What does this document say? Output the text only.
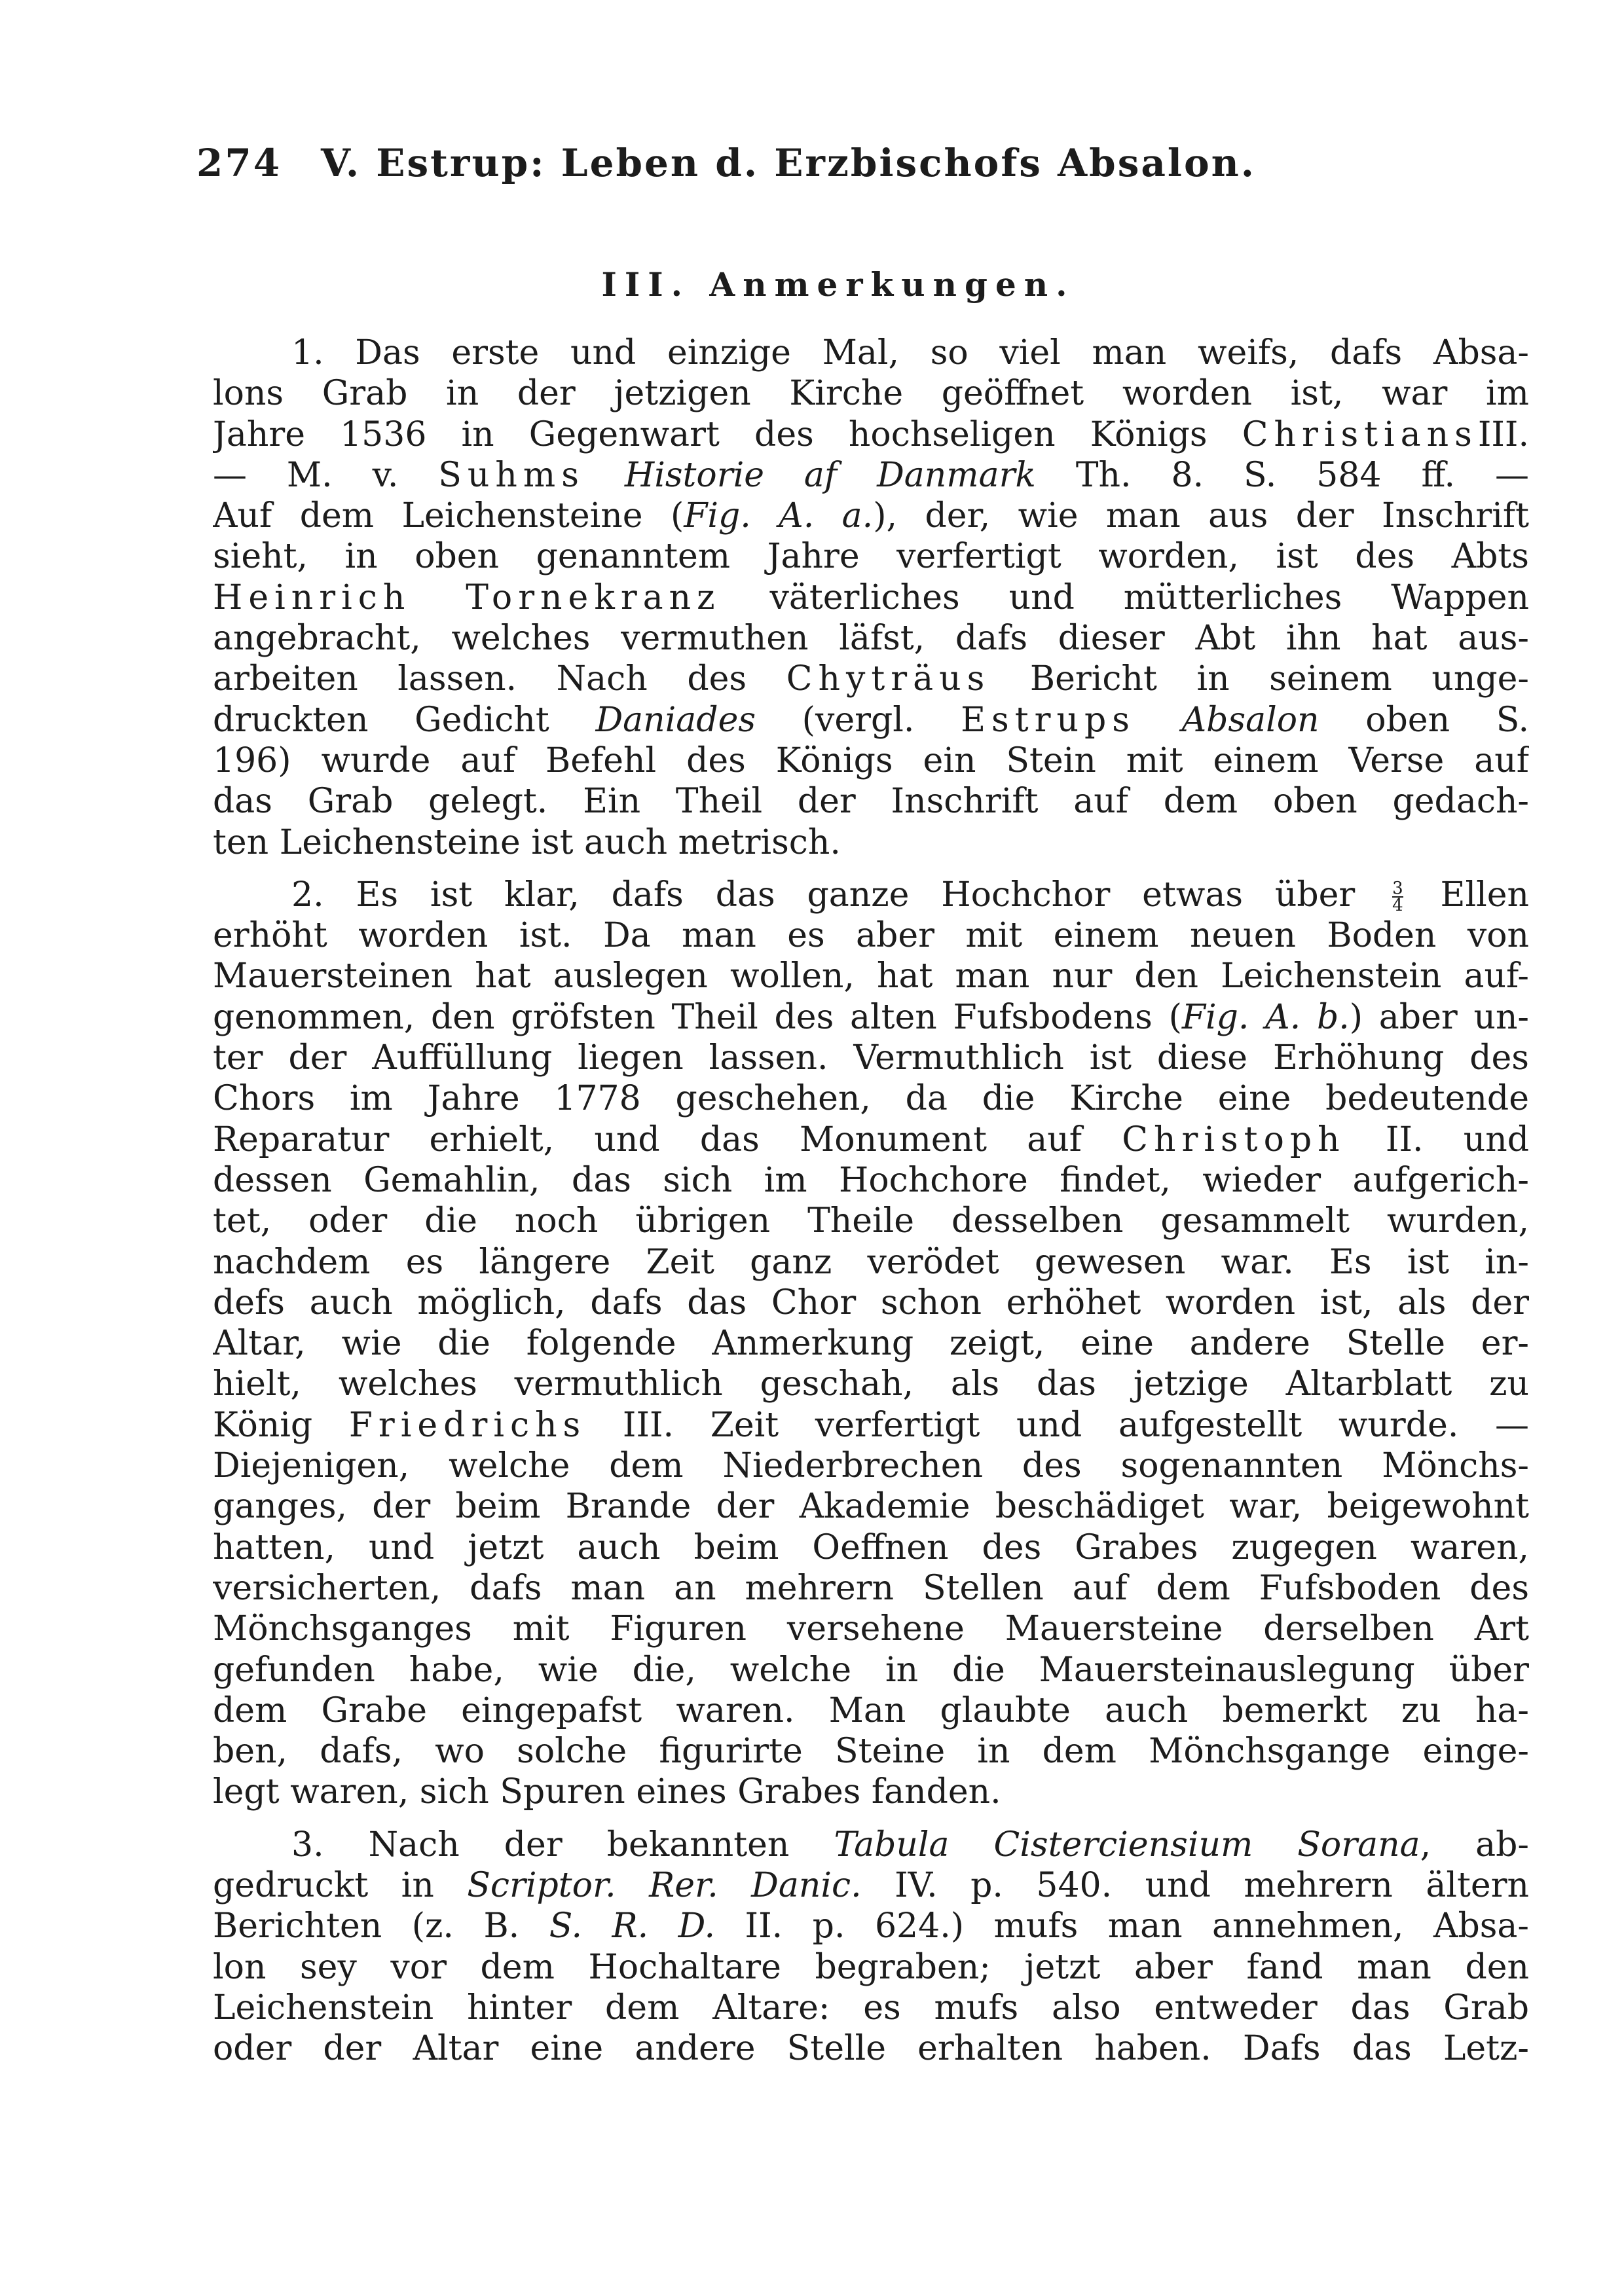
274 V. Estrup: Leben d. Erzbischofs Absalon.
III. Anmerkungen.
1. Das erste und einzige Mal, so viel man weifs, dafs Absa-
lons Grab in der jetzigen Kirche geöffnet worden ist, war im
Jahre 1536 in Gegenwart des hochseligen Königs ChristiansIII.
— M. v. Suhms Historie af Danmark Th. 8. S. 584 ff. —
Auf dem Leichensteine (Fig. A. a.), der, wie man aus der Inschrift
sieht, in oben genanntem Jahre verfertigt worden, ist des Abts
Heinrich Tornekranz väterliches und mütterliches Wappen
angebracht, welches vermuthen läfst, dafs dieser Abt ihn hat aus-
arbeiten lassen. Nach des Chyträus Bericht in seinem unge-
druckten Gedicht Daniades (vergl. Estrups Absalon oben S.
196) wurde auf Befehl des Königs ein Stein mit einem Verse auf
das Grab gelegt. Ein Theil der Inschrift auf dem oben gedach-
ten Leichensteine ist auch metrisch.
2. Es ist klar, dafs das ganze Hochchor etwas über $\frac{3}{4}$ Ellen
erhöht worden ist. Da man es aber mit einem neuen Boden von
Mauersteinen hat auslegen wollen, hat man nur den Leichenstein auf-
genommen, den gröfsten Theil des alten Fufsbodens (Fig. A. b.) aber un-
ter der Auffüllung liegen lassen. Vermuthlich ist diese Erhöhung des
Chors im Jahre 1778 geschehen, da die Kirche eine bedeutende
Reparatur erhielt, und das Monument auf Christoph II. und
dessen Gemahlin, das sich im Hochchore findet, wieder aufgerich-
tet, oder die noch übrigen Theile desselben gesammelt wurden,
nachdem es längere Zeit ganz verödet gewesen war. Es ist in-
defs auch möglich, dafs das Chor schon erhöhet worden ist, als der
Altar, wie die folgende Anmerkung zeigt, eine andere Stelle er-
hielt, welches vermuthlich geschah, als das jetzige Altarblatt zu
König Friedrichs III. Zeit verfertigt und aufgestellt wurde. —
Diejenigen, welche dem Niederbrechen des sogenannten Mönchs-
ganges, der beim Brande der Akademie beschädiget war, beigewohnt
hatten, und jetzt auch beim Oeffnen des Grabes zugegen waren,
versicherten, dafs man an mehrern Stellen auf dem Fufsboden des
Mönchsganges mit Figuren versehene Mauersteine derselben Art
gefunden habe, wie die, welche in die Mauersteinauslegung über
dem Grabe eingepafst waren. Man glaubte auch bemerkt zu ha-
ben, dafs, wo solche figurirte Steine in dem Mönchsgange einge-
legt waren, sich Spuren eines Grabes fanden.
3. Nach der bekannten Tabula Cisterciensium Sorana, ab-
gedruckt in Scriptor. Rer. Danic. IV. p. 540. und mehrern ältern
Berichten (z. B. S. R. D. II. p. 624.) mufs man annehmen, Absa-
lon sey vor dem Hochaltare begraben; jetzt aber fand man den
Leichenstein hinter dem Altare: es mufs also entweder das Grab
oder der Altar eine andere Stelle erhalten haben. Dafs das Letz-
